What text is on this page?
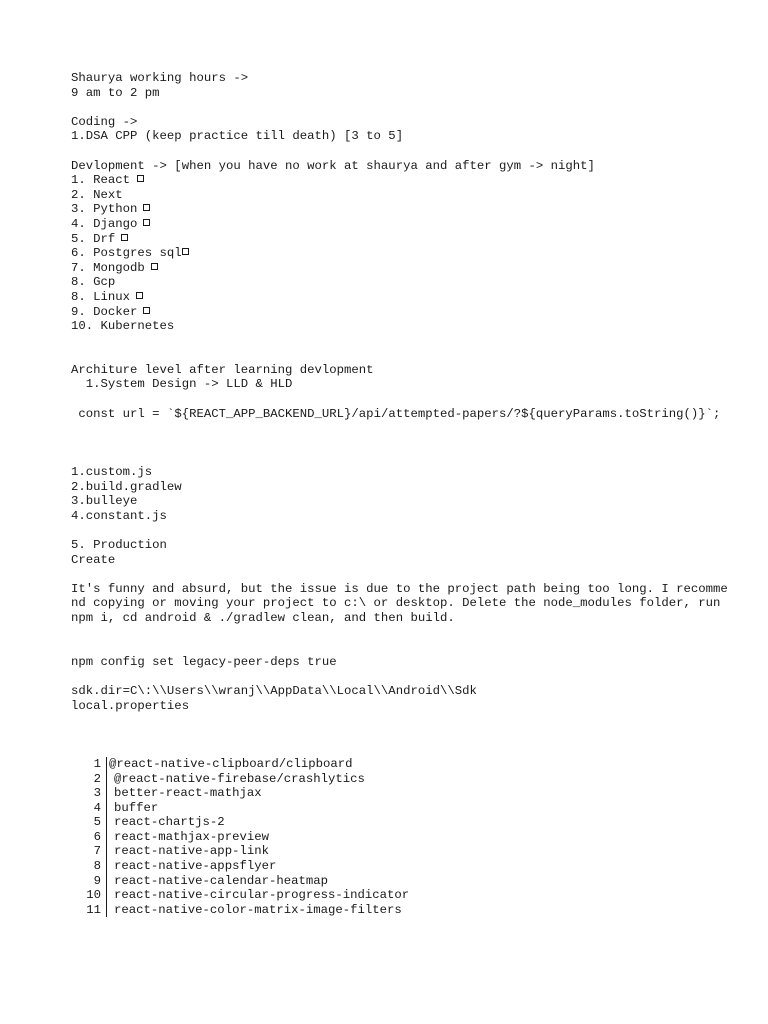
Shaurya working hours ->
9 am to 2 pm
Coding ->
1.DSA CPP (keep practice till death) [3 to 5]
Devlopment -> [when you have no work at shaurya and after gym -> night]
1. React
2. Next
3. Python
4. Django
5. Drf
6. Postgres sql
7. Mongodb
8. Gcp
8. Linux
9. Docker
10. Kubernetes
Architure level after learning devlopment
1.System Design -> LLD & HLD
const url = `${REACT_APP_BACKEND_URL}/api/attempted-papers/?${queryParams.toString()}`;
1.custom.js
2.build.gradlew
3.bulleye
4.constant.js
5. Production
Create
It's funny and absurd, but the issue is due to the project path being too long. I recommend copying or moving your project to c:\ or desktop. Delete the node_modules folder, run npm i, cd android & ./gradlew clean, and then build.
npm config set legacy-peer-deps true
sdk.dir=C\:\\Users\\wranj\\AppData\\Local\\Android\\Sdk
local.properties
1 @react-native-clipboard/clipboard
2	@react-native-firebase/crashlytics
3	better-react-mathjax
4	buffer
5	react-chartjs-2
6	react-mathjax-preview
7	react-native-app-link
8	react-native-appsflyer
9	react-native-calendar-heatmap
10	react-native-circular-progress-indicator
11	react-native-color-matrix-image-filters
